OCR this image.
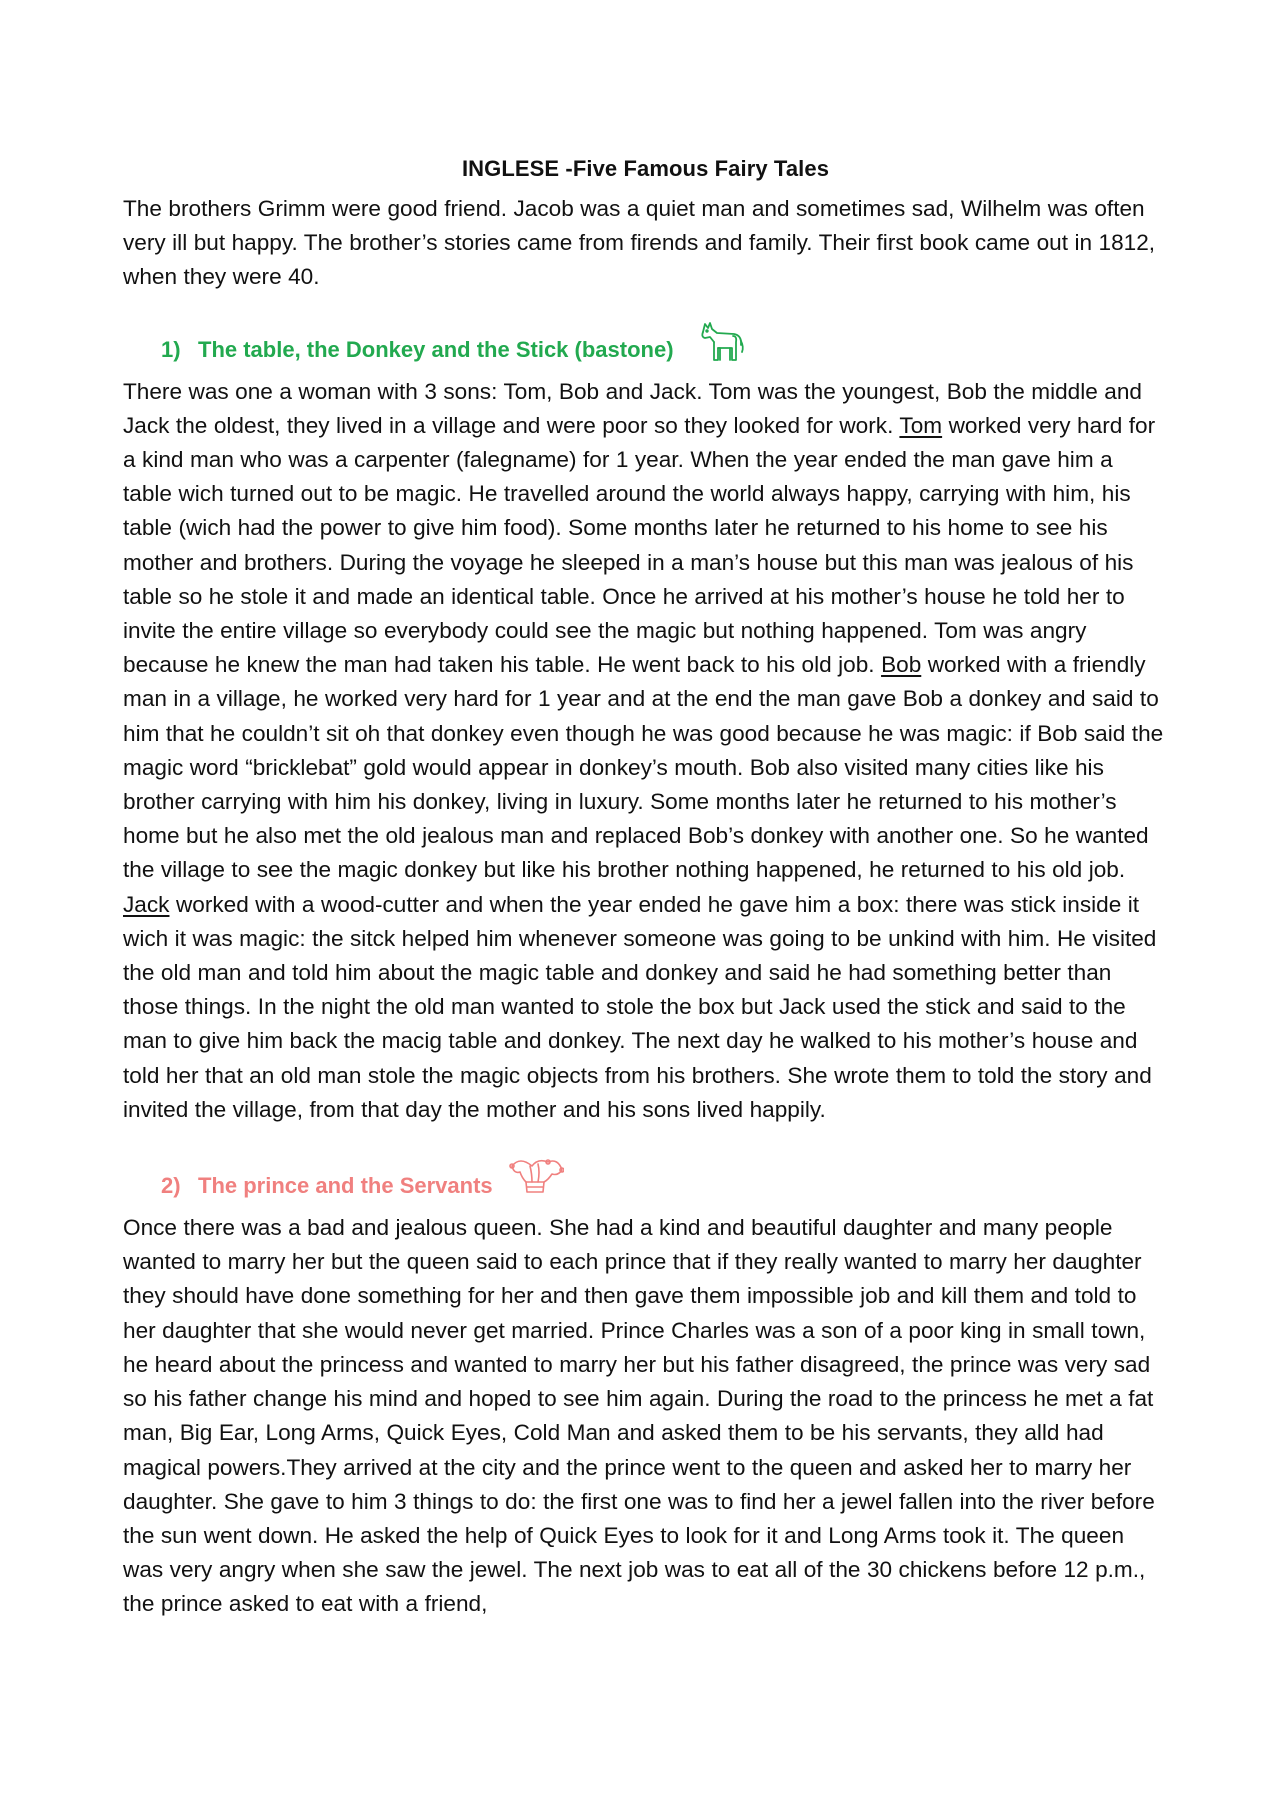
INGLESE -Five Famous Fairy Tales

The brothers Grimm were good friend. Jacob was a quiet man and sometimes sad, Wilhelm was often very ill but happy. The brother’s stories came from firends and family. Their first book came out in 1812, when they were 40.

1) The table, the Donkey and the Stick (bastone)

There was one a woman with 3 sons: Tom, Bob and Jack. Tom was the youngest, Bob the middle and Jack the oldest, they lived in a village and were poor so they looked for work. Tom worked very hard for a kind man who was a carpenter (falegname) for 1 year. When the year ended the man gave him a table wich turned out to be magic. He travelled around the world always happy, carrying with him, his table (wich had the power to give him food). Some months later he returned to his home to see his mother and brothers. During the voyage he sleeped in a man’s house but this man was jealous of his table so he stole it and made an identical table. Once he arrived at his mother’s house he told her to invite the entire village so everybody could see the magic but nothing happened. Tom was angry because he knew the man had taken his table. He went back to his old job. Bob worked with a friendly man in a village, he worked very hard for 1 year and at the end the man gave Bob a donkey and said to him that he couldn’t sit oh that donkey even though he was good because he was magic: if Bob said the magic word “bricklebat” gold would appear in donkey’s mouth. Bob also visited many cities like his brother carrying with him his donkey, living in luxury. Some months later he returned to his mother’s home but he also met the old jealous man and replaced Bob’s donkey with another one. So he wanted the village to see the magic donkey but like his brother nothing happened, he returned to his old job. Jack worked with a wood-cutter and when the year ended he gave him a box: there was stick inside it wich it was magic: the sitck helped him whenever someone was going to be unkind with him. He visited the old man and told him about the magic table and donkey and said he had something better than those things. In the night the old man wanted to stole the box but Jack used the stick and said to the man to give him back the macig table and donkey. The next day he walked to his mother’s house and told her that an old man stole the magic objects from his brothers. She wrote them to told the story and invited the village, from that day the mother and his sons lived happily.

2) The prince and the Servants

Once there was a bad and jealous queen. She had a kind and beautiful daughter and many people wanted to marry her but the queen said to each prince that if they really wanted to marry her daughter they should have done something for her and then gave them impossible job and kill them and told to her daughter that she would never get married. Prince Charles was a son of a poor king in small town, he heard about the princess and wanted to marry her but his father disagreed, the prince was very sad so his father change his mind and hoped to see him again. During the road to the princess he met a fat man, Big Ear, Long Arms, Quick Eyes, Cold Man and asked them to be his servants, they alld had magical powers.They arrived at the city and the prince went to the queen and asked her to marry her daughter. She gave to him 3 things to do: the first one was to find her a jewel fallen into the river before the sun went down. He asked the help of Quick Eyes to look for it and Long Arms took it. The queen was very angry when she saw the jewel. The next job was to eat all of the 30 chickens before 12 p.m., the prince asked to eat with a friend,
